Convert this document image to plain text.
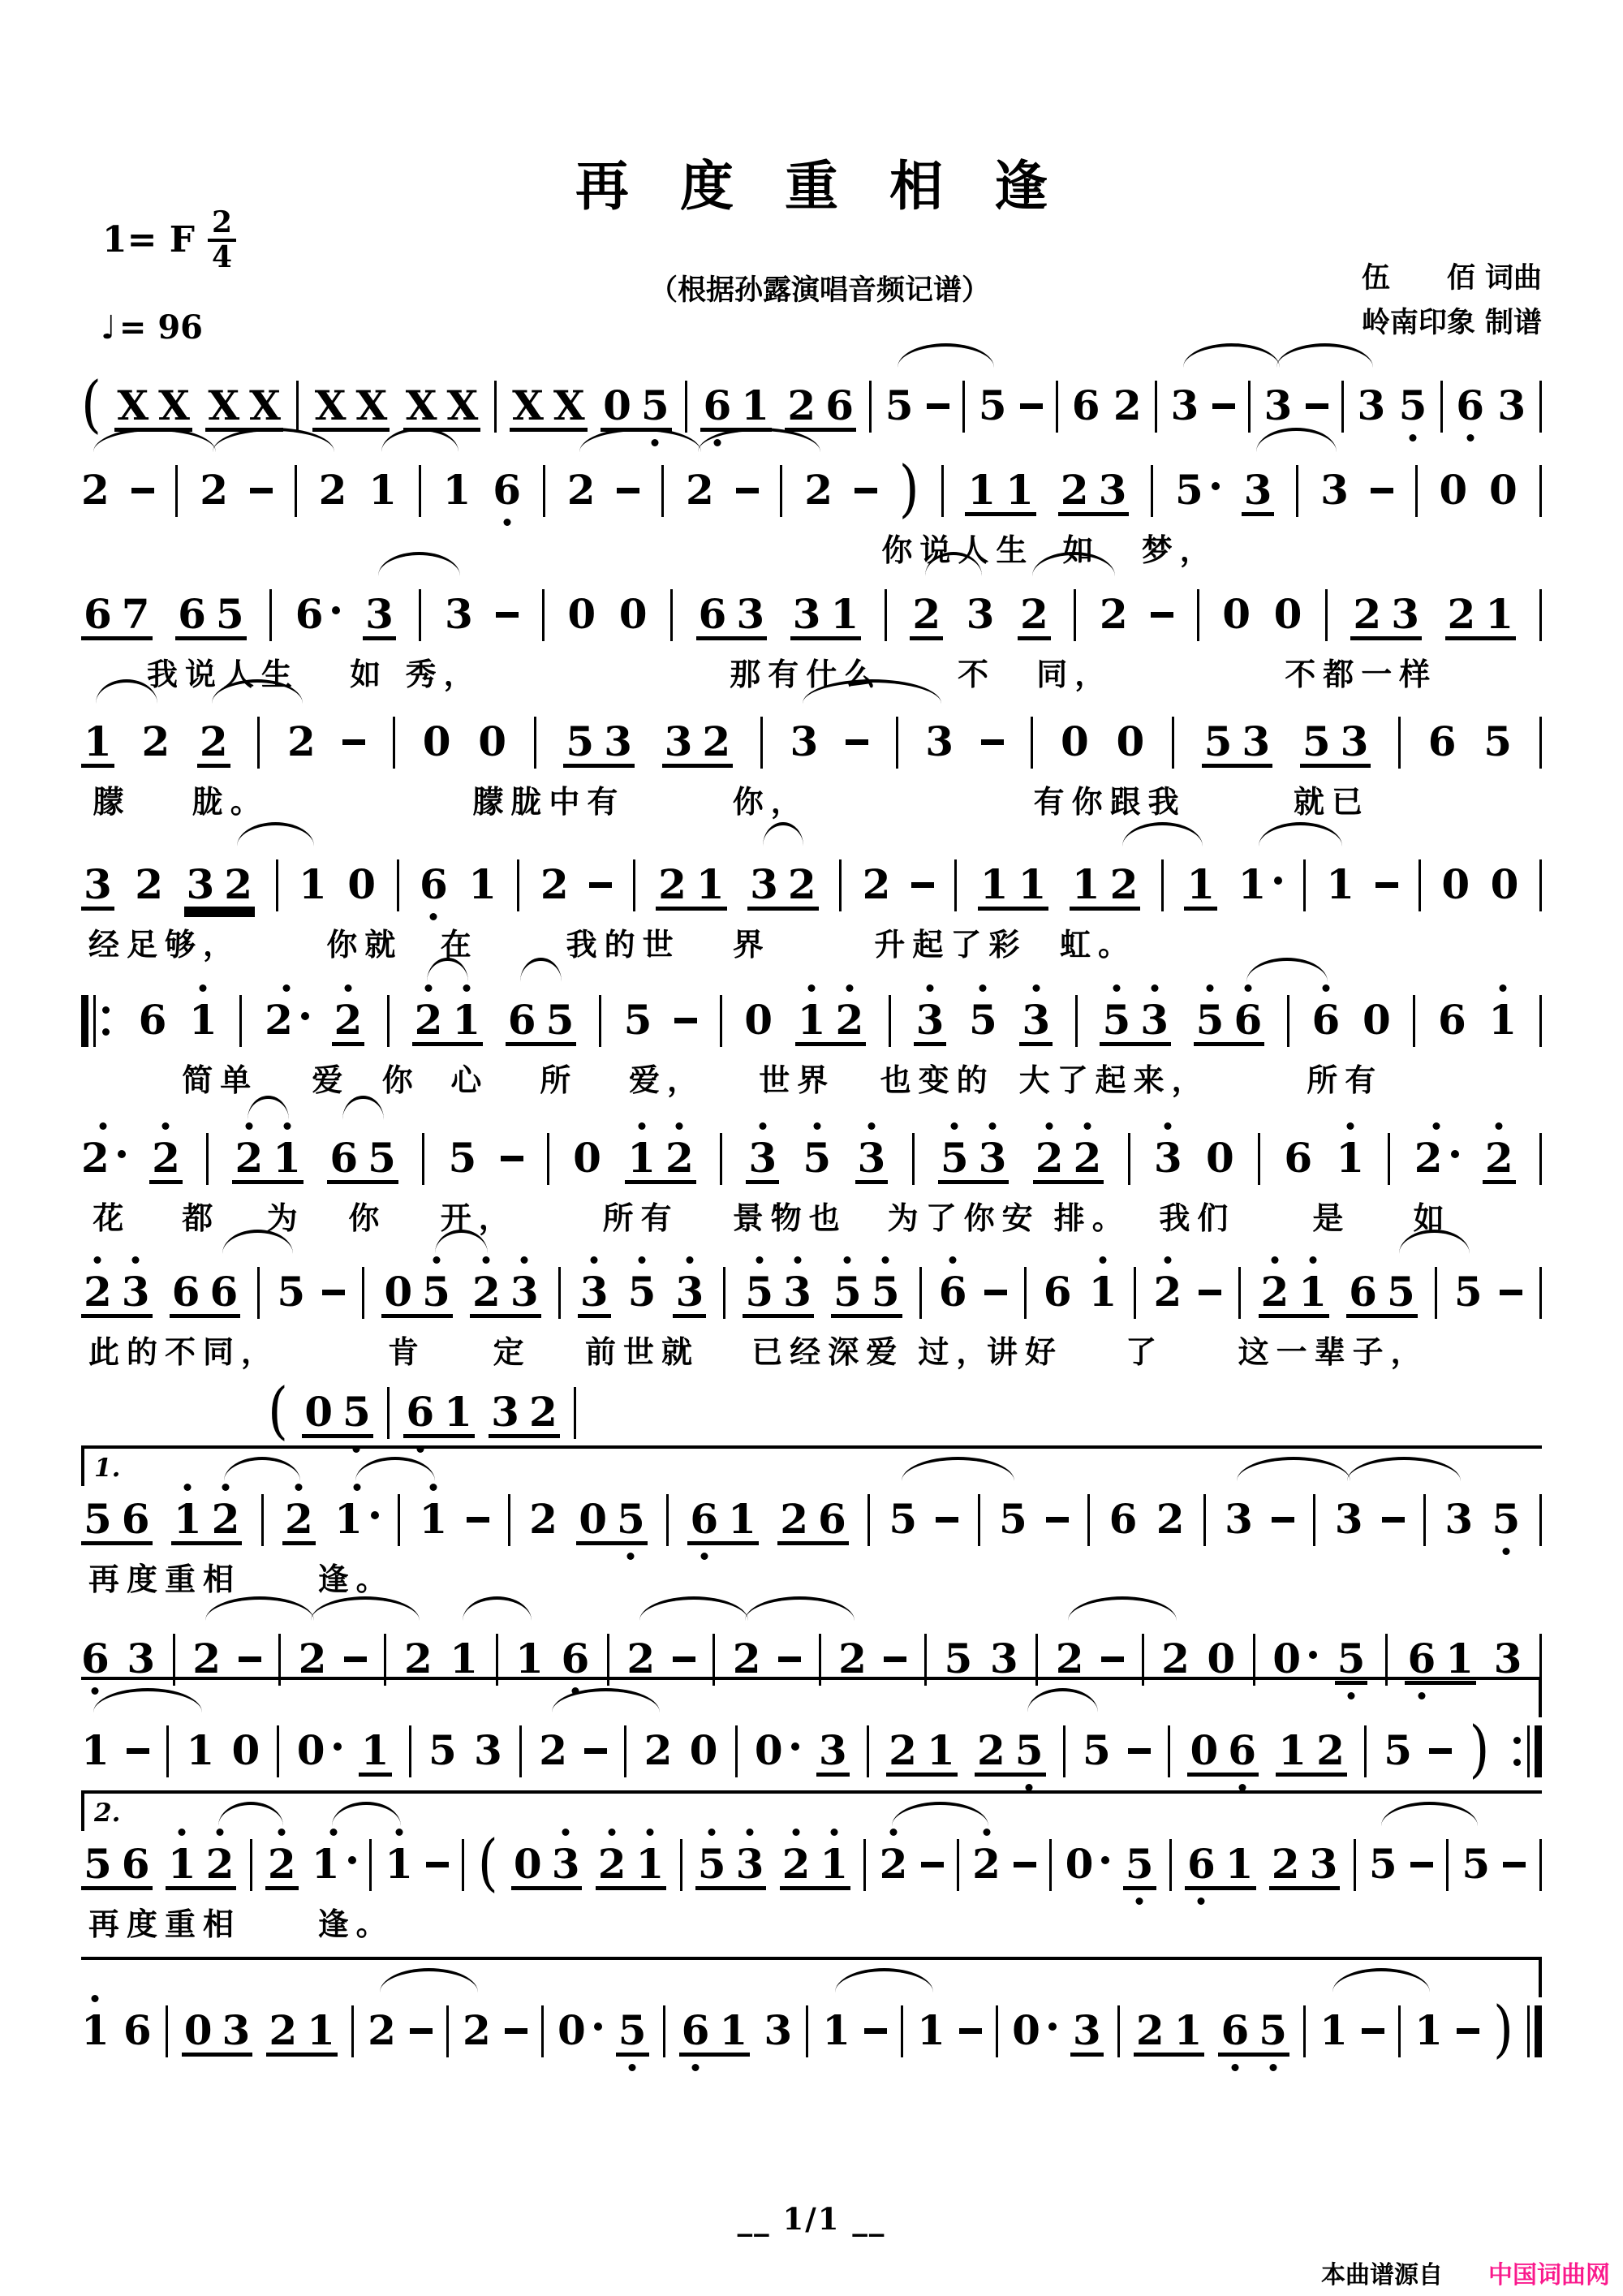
再 度 重 相 逢
（根据孙露演唱音频记谱）
1= F $\frac{2}{4}$
♩ = 96
伍　　佰 词曲
岭南印象 制谱
( X X X X X X X X X X 0 5 6 1 2 6 5 5 6 2 3 3 3 5 6 3
2 2 2 1 1 6 2 2 2 ) 1 1 2 3 5 3 3 0 0
你说人生 如 梦，
6 7 6 5 6	3 3 0 0 6 3 3 1 2 3 2 2 0 0 2 3 2 1
我说人生 如 秀，	那有什么 不 同，	不都一样
1 2 2 2	0 0 5 3 3 2 3	3	0 0 5 3 5 3 6 5
朦 胧。	朦胧中有	你，	有你跟我	就已
3 2 3 2 1 0 6 1 2 2 1 3 2 2 1 1 1 2 1 1	1 0 0
经足够，	你就 在	我的世 界	升起了彩 虹。
6 1 2	2 2 1 6 5 5 0 1 2 3 5 3 5 3 5 6 6 0 6 1
简单 爱 你 心 所 爱， 世界 也变的 大了起来，	所有
2	2 2 1 6 5 5 0 1 2 3 5 3 5 3 2 2 3 0 6 1 2	2
花 都 为 你 开，	所有 景物也 为了你安 排。 我们 是 如
2 3 6 6 5 0 5 2 3 3 5 3 5 3 5 5 6 6 1 2 2 1 6 5 5
此的不同，	肯 定 前世就 已经深爱 过，
讲好 了 这一辈子，
( 0 5 6 1 3 2
1.
5 6 1 2 2 1	1 2 0 5 6 1 2 6 5 5 6 2 3 3 3 5
再度重相 逢。
6 3 2 2 2 1 1 6 2 2 2 5 3 2 2 0 0 5 6 1 3
1 1 0 0 1 5 3 2 2 0 0 3 2 1 2 5 5 0 6 1 2 5 )
2.
5 6 1 2 2 1	1 ( 0 3 2 1 5 3 2 1 2 2 0 5 6 1 2 3 5 5
再度重相 逢。
1 6 0 3 2 1 2 2 0 5 6 1 3 1 1 0 3 2 1 6 5 1 1 )
__ 1/1 __
本曲谱源自 中国词曲网
